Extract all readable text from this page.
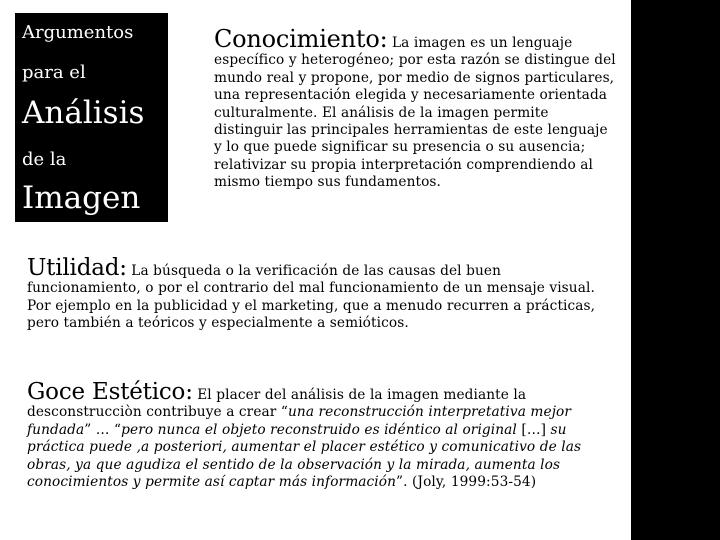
Argumentos
para el
Análisis
de la
Imagen
Conocimiento: La imagen es un lenguaje específico y heterogéneo; por esta razón se distingue del mundo real y propone, por medio de signos particulares, una representación elegida y necesariamente orientada culturalmente. El análisis de la imagen permite distinguir las principales herramientas de este lenguaje y lo que puede significar su presencia o su ausencia; relativizar su propia interpretación comprendiendo al mismo tiempo sus fundamentos.
Utilidad: La búsqueda o la verificación de las causas del buen funcionamiento, o por el contrario del mal funcionamiento de un mensaje visual. Por ejemplo en la publicidad y el marketing, que a menudo recurren a prácticas, pero también a teóricos y especialmente a semióticos.
Goce Estético: El placer del análisis de la imagen mediante la desconstrucciòn contribuye a crear “una reconstrucción interpretativa mejor fundada” … “pero nunca el objeto reconstruido es idéntico al original […] su práctica puede ,a posteriori, aumentar el placer estético y comunicativo de las obras, ya que agudiza el sentido de la observación y la mirada, aumenta los conocimientos y permite así captar más información”. (Joly, 1999:53-54)
